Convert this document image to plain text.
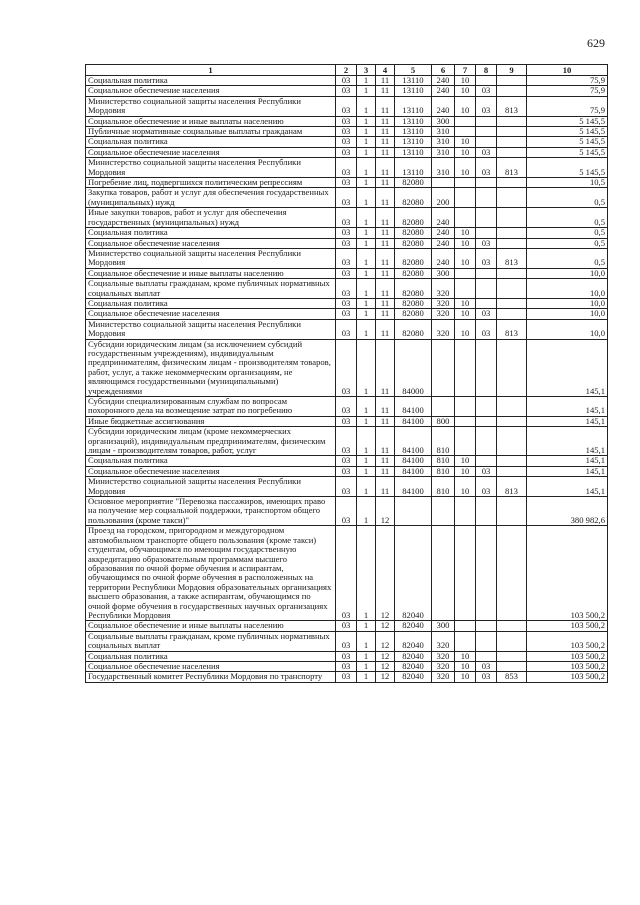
629
1	2	3	4	5	6	7	8	9	10
Социальная политика	03	1	11	13110	240	10			75,9
Социальное обеспечение населения	03	1	11	13110	240	10	03		75,9
Министерство социальной защиты населения Республики Мордовия	03	1	11	13110	240	10	03	813	75,9
Социальное обеспечение и иные выплаты населению	03	1	11	13110	300				5 145,5
Публичные нормативные социальные выплаты гражданам	03	1	11	13110	310				5 145,5
Социальная политика	03	1	11	13110	310	10			5 145,5
Социальное обеспечение населения	03	1	11	13110	310	10	03		5 145,5
Министерство социальной защиты населения Республики Мордовия	03	1	11	13110	310	10	03	813	5 145,5
Погребение лиц, подвергшихся политическим репрессиям	03	1	11	82080					10,5
Закупка товаров, работ и услуг для обеспечения государственных (муниципальных) нужд	03	1	11	82080	200				0,5
Иные закупки товаров, работ и услуг для обеспечения государственных (муниципальных) нужд	03	1	11	82080	240				0,5
Социальная политика	03	1	11	82080	240	10			0,5
Социальное обеспечение населения	03	1	11	82080	240	10	03		0,5
Министерство социальной защиты населения Республики Мордовия	03	1	11	82080	240	10	03	813	0,5
Социальное обеспечение и иные выплаты населению	03	1	11	82080	300				10,0
Социальные выплаты гражданам, кроме публичных нормативных социальных выплат	03	1	11	82080	320				10,0
Социальная политика	03	1	11	82080	320	10			10,0
Социальное обеспечение населения	03	1	11	82080	320	10	03		10,0
Министерство социальной защиты населения Республики Мордовия	03	1	11	82080	320	10	03	813	10,0
Субсидии юридическим лицам (за исключением субсидий государственным учреждениям), индивидуальным предпринимателям, физическим лицам - производителям товаров, работ, услуг, а также некоммерческим организациям, не являющимся государственными (муниципальными) учреждениями	03	1	11	84000					145,1
Субсидии специализированным службам по вопросам похоронного дела на возмещение затрат по погребению	03	1	11	84100					145,1
Иные бюджетные ассигнования	03	1	11	84100	800				145,1
Субсидии юридическим лицам (кроме некоммерческих организаций), индивидуальным предпринимателям, физическим лицам - производителям товаров, работ, услуг	03	1	11	84100	810				145,1
Социальная политика	03	1	11	84100	810	10			145,1
Социальное обеспечение населения	03	1	11	84100	810	10	03		145,1
Министерство социальной защиты населения Республики Мордовия	03	1	11	84100	810	10	03	813	145,1
Основное мероприятие "Перевозка пассажиров, имеющих право на получение мер социальной поддержки, транспортом общего пользования (кроме такси)"	03	1	12						380 982,6
Проезд на городском, пригородном и междугородном автомобильном транспорте общего пользования (кроме такси) студентам, обучающимся по имеющим государственную аккредитацию образовательным программам высшего образования по очной форме обучения и аспирантам, обучающимся по очной форме обучения в расположенных на территории Республики Мордовия образовательных организациях высшего образования, а также аспирантам, обучающимся по очной форме обучения в государственных научных организациях Республики Мордовия	03	1	12	82040					103 500,2
Социальное обеспечение и иные выплаты населению	03	1	12	82040	300				103 500,2
Социальные выплаты гражданам, кроме публичных нормативных социальных выплат	03	1	12	82040	320				103 500,2
Социальная политика	03	1	12	82040	320	10			103 500,2
Социальное обеспечение населения	03	1	12	82040	320	10	03		103 500,2
Государственный комитет Республики Мордовия по транспорту	03	1	12	82040	320	10	03	853	103 500,2
